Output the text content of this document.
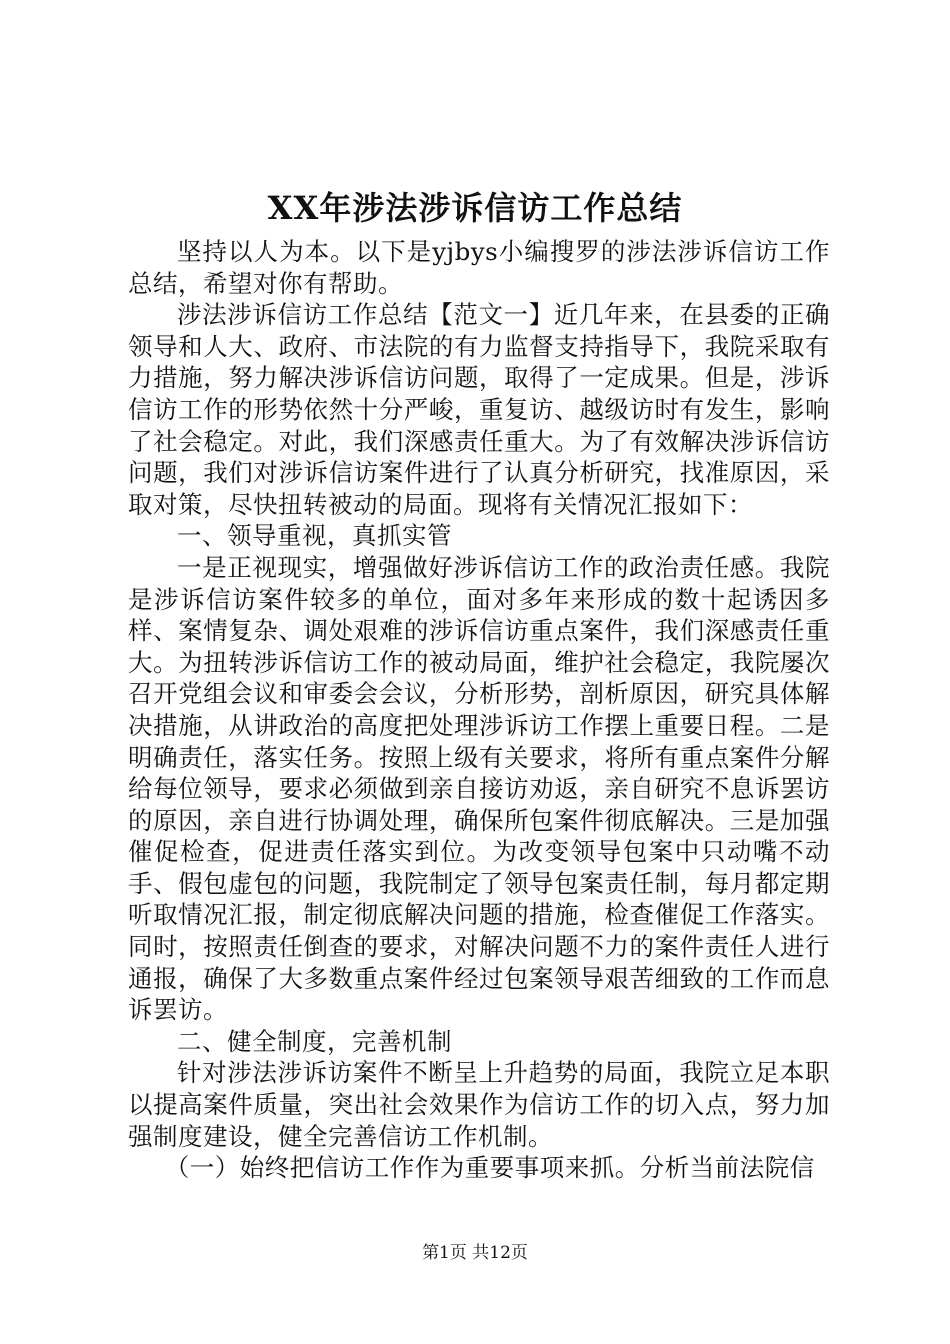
XX年涉法涉诉信访工作总结

坚持以人为本。以下是yjbys小编搜罗的涉法涉诉信访工作总结，希望对你有帮助。

涉法涉诉信访工作总结【范文一】近几年来，在县委的正确领导和人大、政府、市法院的有力监督支持指导下，我院采取有力措施，努力解决涉诉信访问题，取得了一定成果。但是，涉诉信访工作的形势依然十分严峻，重复访、越级访时有发生，影响了社会稳定。对此，我们深感责任重大。为了有效解决涉诉信访问题，我们对涉诉信访案件进行了认真分析研究，找准原因，采取对策，尽快扭转被动的局面。现将有关情况汇报如下：

一、领导重视，真抓实管

一是正视现实，增强做好涉诉信访工作的政治责任感。我院是涉诉信访案件较多的单位，面对多年来形成的数十起诱因多样、案情复杂、调处艰难的涉诉信访重点案件，我们深感责任重大。为扭转涉诉信访工作的被动局面，维护社会稳定，我院屡次召开党组会议和审委会会议，分析形势，剖析原因，研究具体解决措施，从讲政治的高度把处理涉诉访工作摆上重要日程。二是明确责任，落实任务。按照上级有关要求，将所有重点案件分解给每位领导，要求必须做到亲自接访劝返，亲自研究不息诉罢访的原因，亲自进行协调处理，确保所包案件彻底解决。三是加强催促检查，促进责任落实到位。为改变领导包案中只动嘴不动手、假包虚包的问题，我院制定了领导包案责任制，每月都定期听取情况汇报，制定彻底解决问题的措施，检查催促工作落实。同时，按照责任倒查的要求，对解决问题不力的案件责任人进行通报，确保了大多数重点案件经过包案领导艰苦细致的工作而息诉罢访。

二、健全制度，完善机制

针对涉法涉诉访案件不断呈上升趋势的局面，我院立足本职以提高案件质量，突出社会效果作为信访工作的切入点，努力加强制度建设，健全完善信访工作机制。

（一）始终把信访工作作为重要事项来抓。分析当前法院信

第1页 共12页
